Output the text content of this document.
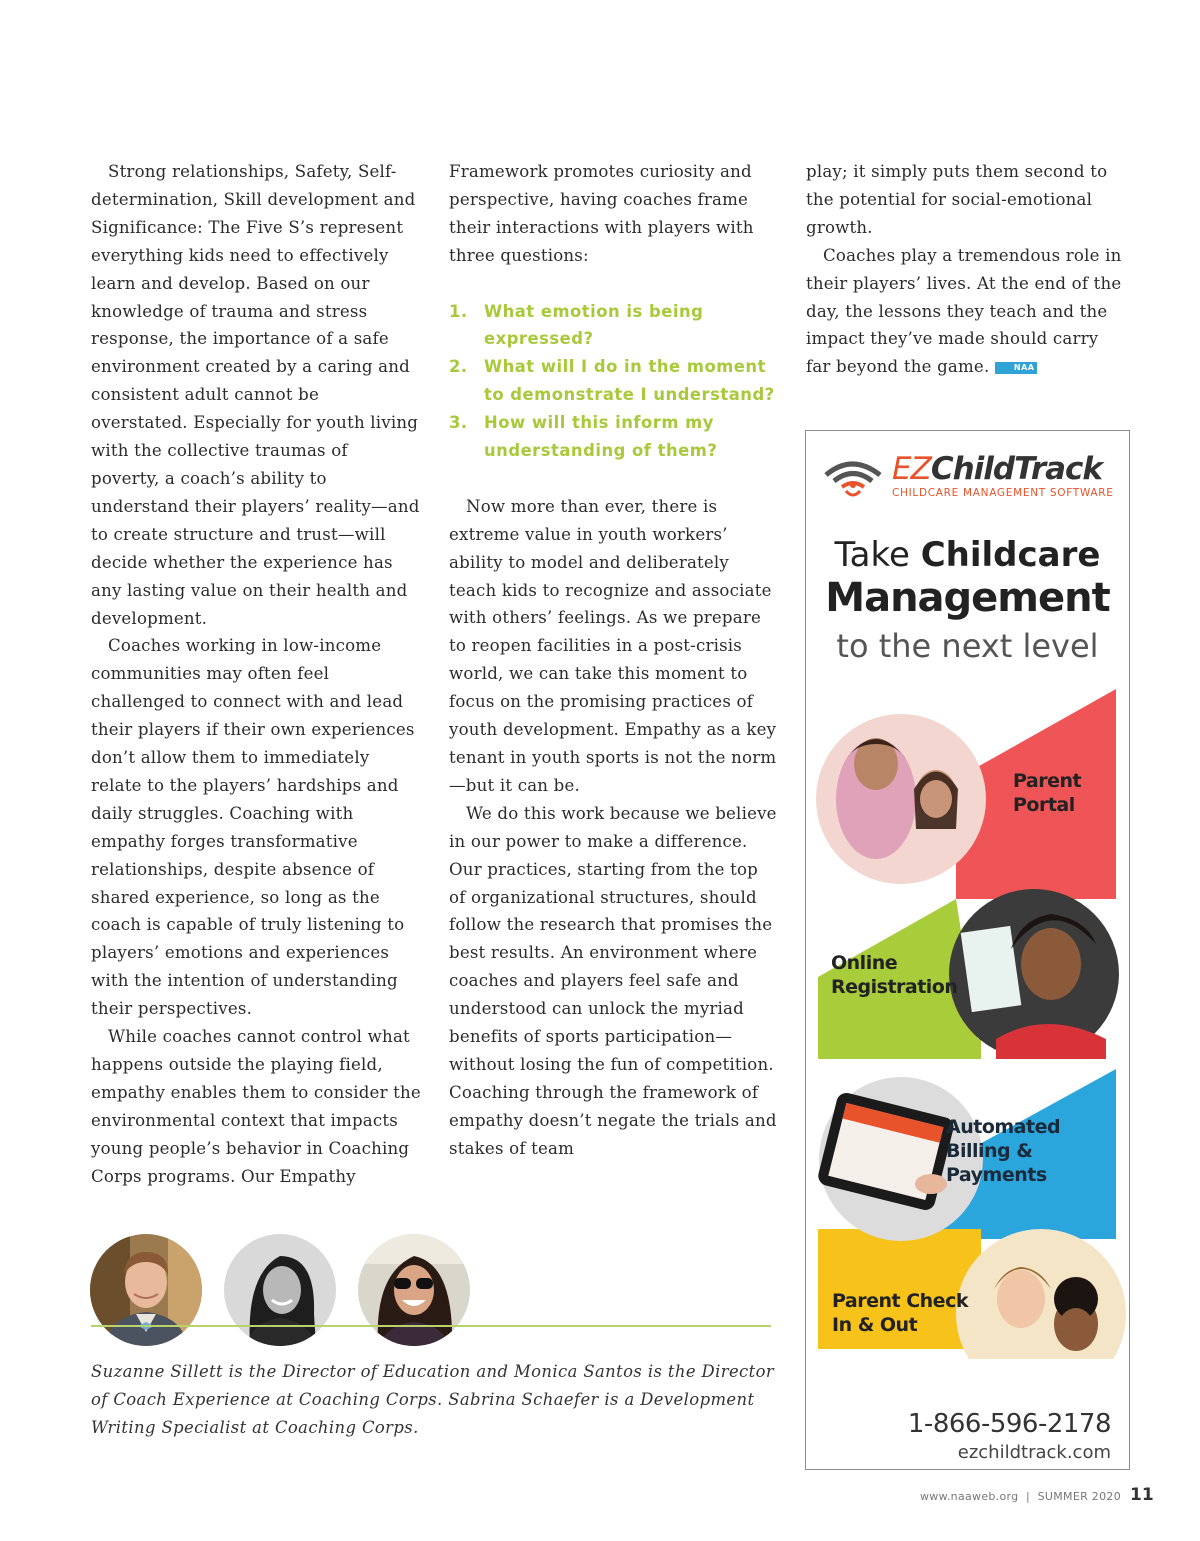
Strong relationships, Safety, Self-determination, Skill development and Significance: The Five S’s represent everything kids need to effectively learn and develop. Based on our knowledge of trauma and stress response, the importance of a safe environment created by a caring and consistent adult cannot be overstated. Especially for youth living with the collective traumas of poverty, a coach’s ability to understand their players’ reality—and to create structure and trust—will decide whether the experience has any lasting value on their health and development.

Coaches working in low-income communities may often feel challenged to connect with and lead their players if their own experiences don’t allow them to immediately relate to the players’ hardships and daily struggles. Coaching with empathy forges transformative relationships, despite absence of shared experience, so long as the coach is capable of truly listening to players’ emotions and experiences with the intention of understanding their perspectives.

While coaches cannot control what happens outside the playing field, empathy enables them to consider the environmental context that impacts young people’s behavior in Coaching Corps programs. Our Empathy

Framework promotes curiosity and perspective, having coaches frame their interactions with players with three questions:

1. What emotion is being expressed?
2. What will I do in the moment to demonstrate I understand?
3. How will this inform my understanding of them?

Now more than ever, there is extreme value in youth workers’ ability to model and deliberately teach kids to recognize and associate with others’ feelings. As we prepare to reopen facilities in a post-crisis world, we can take this moment to focus on the promising practices of youth development. Empathy as a key tenant in youth sports is not the norm —but it can be.

We do this work because we believe in our power to make a difference. Our practices, starting from the top of organizational structures, should follow the research that promises the best results. An environment where coaches and players feel safe and understood can unlock the myriad benefits of sports participation—without losing the fun of competition. Coaching through the framework of empathy doesn’t negate the trials and stakes of team

play; it simply puts them second to the potential for social-emotional growth.

Coaches play a tremendous role in their players’ lives. At the end of the day, the lessons they teach and the impact they’ve made should carry far beyond the game.	NAA

Suzanne Sillett is the Director of Education and Monica Santos is the Director of Coach Experience at Coaching Corps. Sabrina Schaefer is a Development Writing Specialist at Coaching Corps.
EZChildTrack
CHILDCARE MANAGEMENT SOFTWARE
Take Childcare
Management
to the next level
Parent
Portal
Online
Registration
Automated
Billing & Payments
Parent Check
In & Out
1-866-596-2178
ezchildtrack.com
www.naaweb.org  |  SUMMER 2020 11
